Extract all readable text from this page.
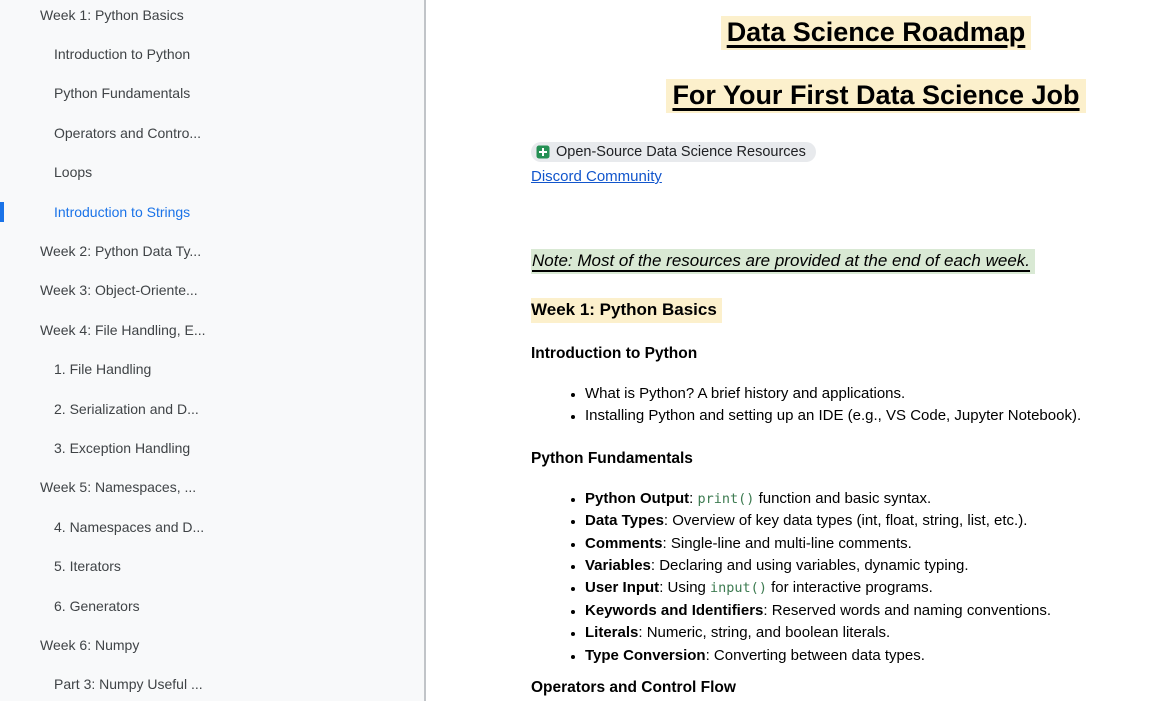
Week 1: Python Basics
Introduction to Python
Python Fundamentals
Operators and Contro...
Loops
Introduction to Strings
Week 2: Python Data Ty...
Week 3: Object-Oriente...
Week 4: File Handling, E...
1. File Handling
2. Serialization and D...
3. Exception Handling
Week 5: Namespaces, ...
4. Namespaces and D...
5. Iterators
6. Generators
Week 6: Numpy
Part 3: Numpy Useful ...
Data Science Roadmap
For Your First Data Science Job
Open-Source Data Science Resources
Discord Community
Note: Most of the resources are provided at the end of each week.
Week 1: Python Basics
Introduction to Python
• What is Python? A brief history and applications.
• Installing Python and setting up an IDE (e.g., VS Code, Jupyter Notebook).
Python Fundamentals
• Python Output: print() function and basic syntax.
• Data Types: Overview of key data types (int, float, string, list, etc.).
• Comments: Single-line and multi-line comments.
• Variables: Declaring and using variables, dynamic typing.
• User Input: Using input() for interactive programs.
• Keywords and Identifiers: Reserved words and naming conventions.
• Literals: Numeric, string, and boolean literals.
• Type Conversion: Converting between data types.
Operators and Control Flow
